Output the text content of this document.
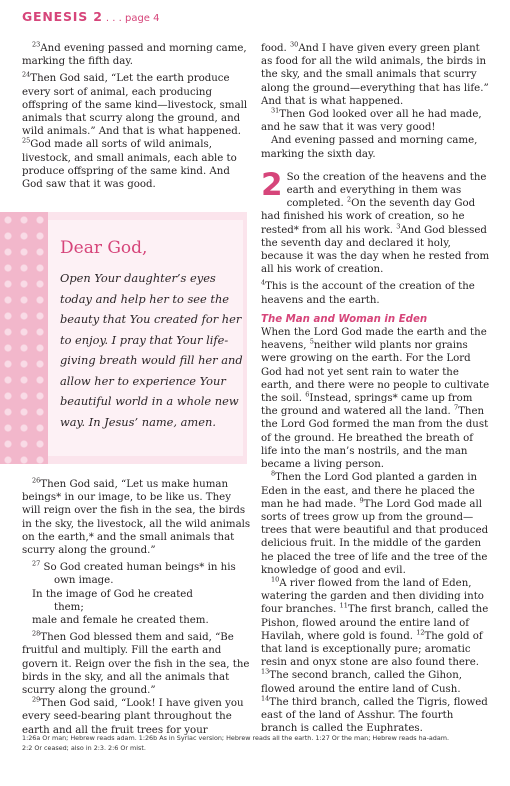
GENESIS 2 . . . page 4

$^{23}$And evening passed and morning came, marking the fifth day.

$^{24}$Then God said, “Let the earth produce every sort of animal, each producing offspring of the same kind—livestock, small animals that scurry along the ground, and wild animals.” And that is what happened. $^{25}$God made all sorts of wild animals, livestock, and small animals, each able to produce offspring of the same kind. And God saw that it was good.

Dear God,
Open Your daughter’s eyes today and help her to see the beauty that You created for her to enjoy. I pray that Your life-giving breath would fill her and allow her to experience Your beautiful world in a whole new way. In Jesus’ name, amen.

$^{26}$Then God said, “Let us make human beings* in our image, to be like us. They will reign over the fish in the sea, the birds in the sky, the livestock, all the wild animals on the earth,* and the small animals that scurry along the ground.”

$^{27}$ So God created human beings* in his
own image.
In the image of God he created
them;
male and female he created them.

$^{28}$Then God blessed them and said, “Be fruitful and multiply. Fill the earth and govern it. Reign over the fish in the sea, the birds in the sky, and all the animals that scurry along the ground.”

$^{29}$Then God said, “Look! I have given you every seed-bearing plant throughout the earth and all the fruit trees for your

food. $^{30}$And I have given every green plant as food for all the wild animals, the birds in the sky, and the small animals that scurry along the ground—everything that has life.” And that is what happened.

$^{31}$Then God looked over all he had made, and he saw that it was very good!

And evening passed and morning came, marking the sixth day.

2 So the creation of the heavens and the earth and everything in them was completed. $^2$On the seventh day God had finished his work of creation, so he rested* from all his work. $^3$And God blessed the seventh day and declared it holy, because it was the day when he rested from all his work of creation.

$^4$This is the account of the creation of the heavens and the earth.

The Man and Woman in Eden

When the Lord God made the earth and the heavens, $^5$neither wild plants nor grains were growing on the earth. For the Lord God had not yet sent rain to water the earth, and there were no people to cultivate the soil. $^6$Instead, springs* came up from the ground and watered all the land. $^7$Then the Lord God formed the man from the dust of the ground. He breathed the breath of life into the man’s nostrils, and the man became a living person.

$^8$Then the Lord God planted a garden in Eden in the east, and there he placed the man he had made. $^9$The Lord God made all sorts of trees grow up from the ground—trees that were beautiful and that produced delicious fruit. In the middle of the garden he placed the tree of life and the tree of the knowledge of good and evil.

$^{10}$A river flowed from the land of Eden, watering the garden and then dividing into four branches. $^{11}$The first branch, called the Pishon, flowed around the entire land of Havilah, where gold is found. $^{12}$The gold of that land is exceptionally pure; aromatic resin and onyx stone are also found there. $^{13}$The second branch, called the Gihon, flowed around the entire land of Cush. $^{14}$The third branch, called the Tigris, flowed east of the land of Asshur. The fourth branch is called the Euphrates.

1:26a Or man; Hebrew reads adam. 1:26b As in Syriac version; Hebrew reads all the earth. 1:27 Or the man; Hebrew reads ha-adam.
2:2 Or ceased; also in 2:3. 2:6 Or mist.
